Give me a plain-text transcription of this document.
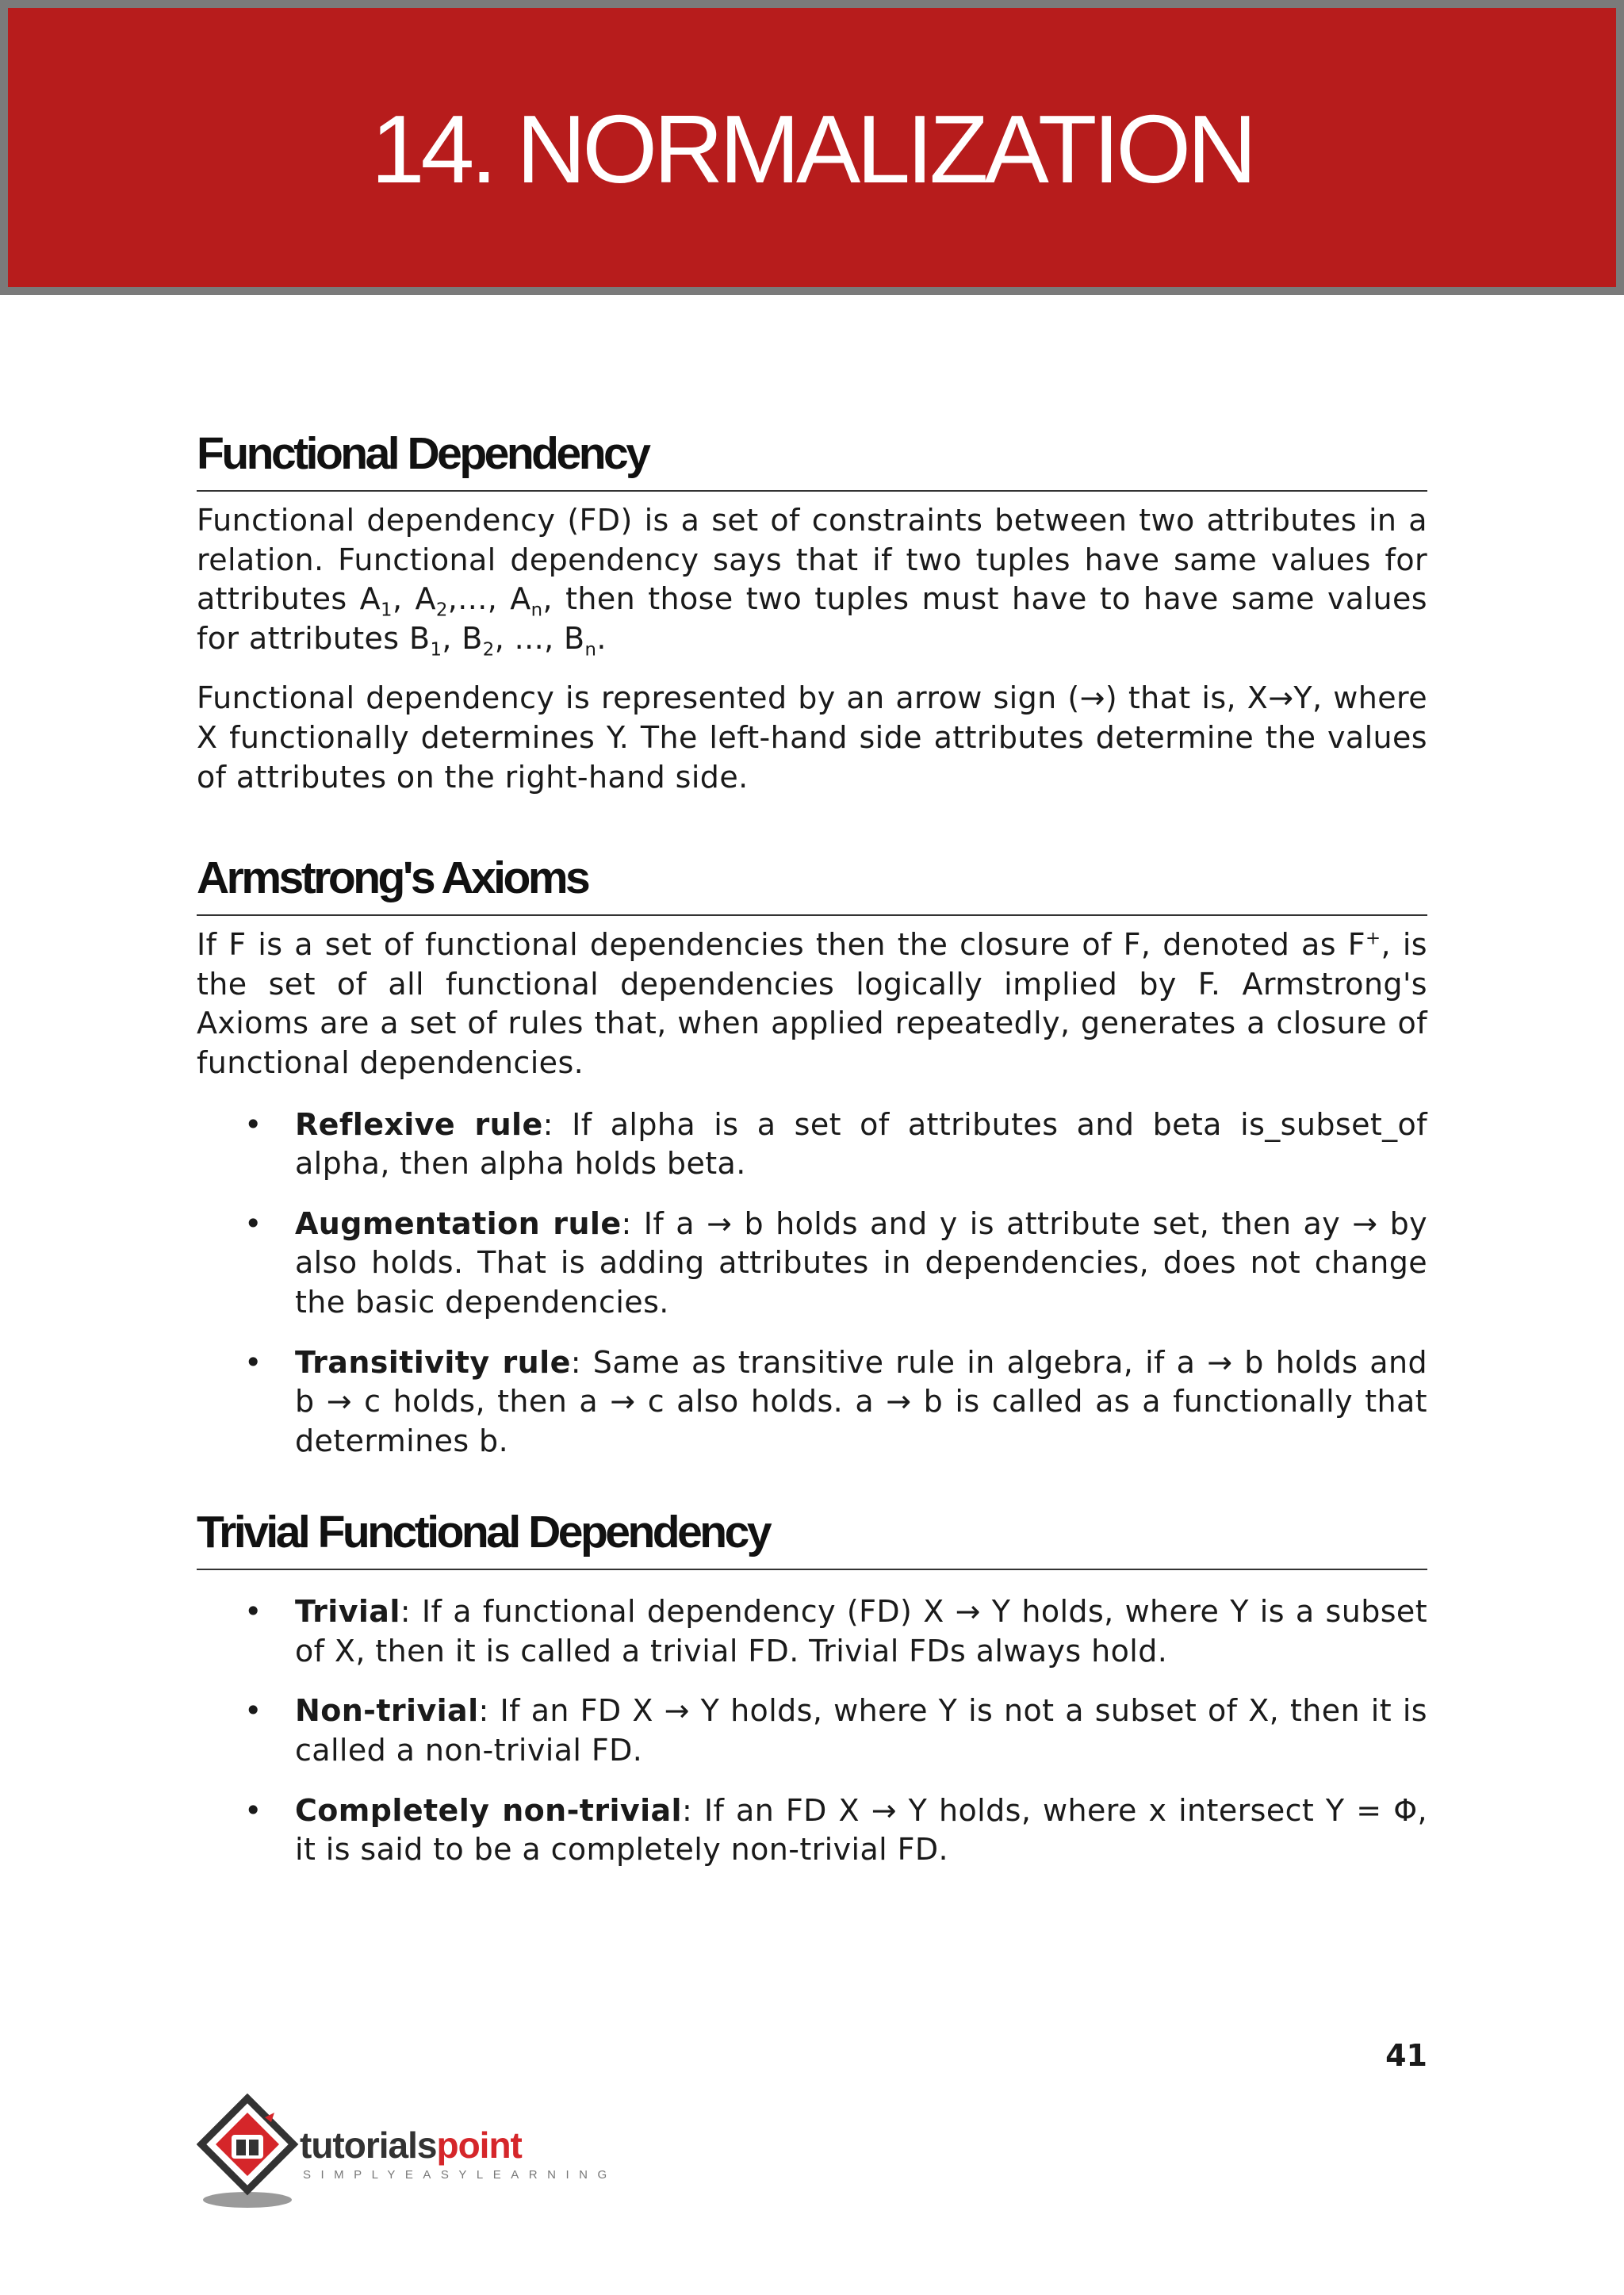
14. NORMALIZATION
Functional Dependency

Functional dependency (FD) is a set of constraints between two attributes in a relation. Functional dependency says that if two tuples have same values for attributes $A_1$, $A_2$,..., $A_n$, then those two tuples must have to have same values for attributes $B_1$, $B_2$, ..., $B_n$.

Functional dependency is represented by an arrow sign (→) that is, X→Y, where X functionally determines Y. The left-hand side attributes determine the values of attributes on the right-hand side.

Armstrong's Axioms

If F is a set of functional dependencies then the closure of F, denoted as F+, is the set of all functional dependencies logically implied by F. Armstrong's Axioms are a set of rules that, when applied repeatedly, generates a closure of functional dependencies.

• Reflexive rule: If alpha is a set of attributes and beta is_subset_of alpha, then alpha holds beta.
• Augmentation rule: If a → b holds and y is attribute set, then ay → by also holds. That is adding attributes in dependencies, does not change the basic dependencies.
• Transitivity rule: Same as transitive rule in algebra, if a → b holds and b → c holds, then a → c also holds. a → b is called as a functionally that determines b.
Trivial Functional Dependency
• Trivial: If a functional dependency (FD) X → Y holds, where Y is a subset of X, then it is called a trivial FD. Trivial FDs always hold.
• Non-trivial: If an FD X → Y holds, where Y is not a subset of X, then it is called a non-trivial FD.
• Completely non-trivial: If an FD X → Y holds, where x intersect Y = Φ, it is said to be a completely non-trivial FD.
41
tutorialspoint
SIMPLYEASYLEARNING
